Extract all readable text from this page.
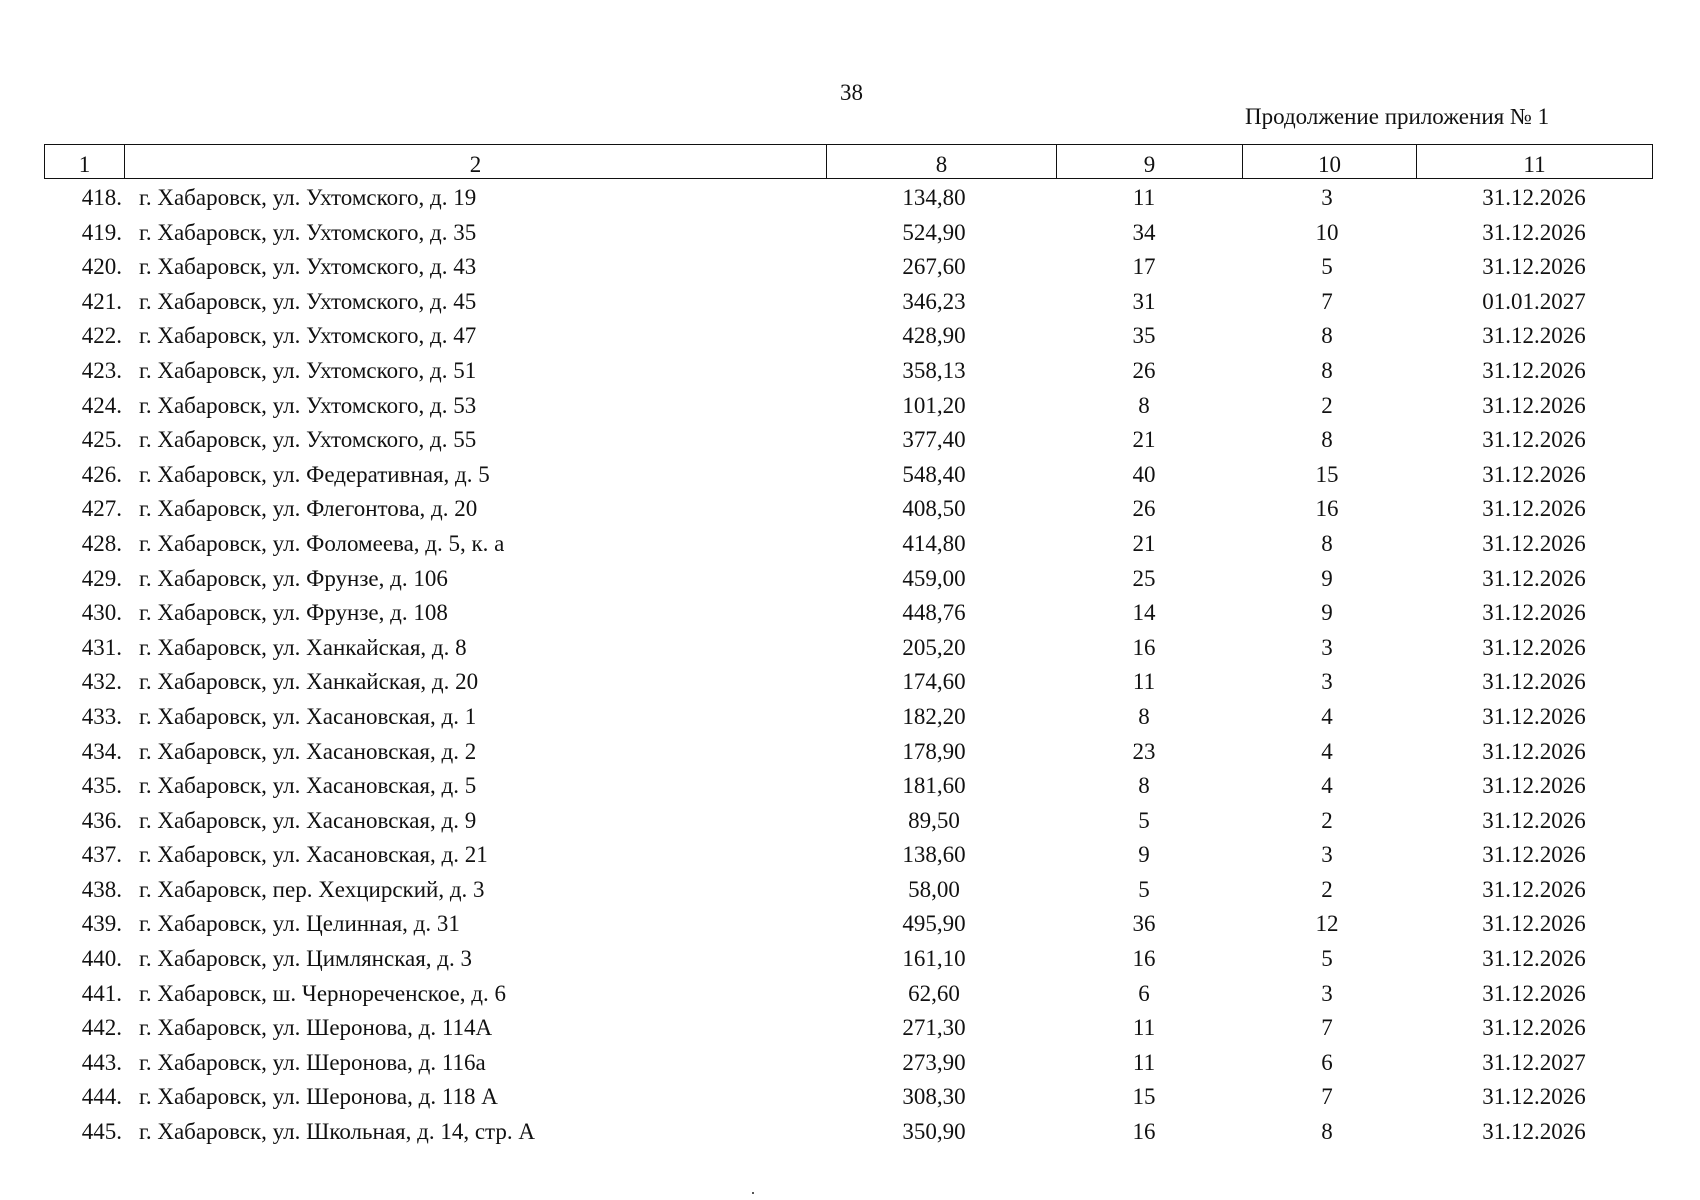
38
Продолжение приложения № 1
1	2	8	9	10	11
418. г. Хабаровск, ул. Ухтомского, д. 19	134,80	11	3	31.12.2026
419. г. Хабаровск, ул. Ухтомского, д. 35	524,90	34	10	31.12.2026
420. г. Хабаровск, ул. Ухтомского, д. 43	267,60	17	5	31.12.2026
421. г. Хабаровск, ул. Ухтомского, д. 45	346,23	31	7	01.01.2027
422. г. Хабаровск, ул. Ухтомского, д. 47	428,90	35	8	31.12.2026
423. г. Хабаровск, ул. Ухтомского, д. 51	358,13	26	8	31.12.2026
424. г. Хабаровск, ул. Ухтомского, д. 53	101,20	8	2	31.12.2026
425. г. Хабаровск, ул. Ухтомского, д. 55	377,40	21	8	31.12.2026
426. г. Хабаровск, ул. Федеративная, д. 5	548,40	40	15	31.12.2026
427. г. Хабаровск, ул. Флегонтова, д. 20	408,50	26	16	31.12.2026
428. г. Хабаровск, ул. Фоломеева, д. 5, к. а	414,80	21	8	31.12.2026
429. г. Хабаровск, ул. Фрунзе, д. 106	459,00	25	9	31.12.2026
430. г. Хабаровск, ул. Фрунзе, д. 108	448,76	14	9	31.12.2026
431. г. Хабаровск, ул. Ханкайская, д. 8	205,20	16	3	31.12.2026
432. г. Хабаровск, ул. Ханкайская, д. 20	174,60	11	3	31.12.2026
433. г. Хабаровск, ул. Хасановская, д. 1	182,20	8	4	31.12.2026
434. г. Хабаровск, ул. Хасановская, д. 2	178,90	23	4	31.12.2026
435. г. Хабаровск, ул. Хасановская, д. 5	181,60	8	4	31.12.2026
436. г. Хабаровск, ул. Хасановская, д. 9	89,50	5	2	31.12.2026
437. г. Хабаровск, ул. Хасановская, д. 21	138,60	9	3	31.12.2026
438. г. Хабаровск, пер. Хехцирский, д. 3	58,00	5	2	31.12.2026
439. г. Хабаровск, ул. Целинная, д. 31	495,90	36	12	31.12.2026
440. г. Хабаровск, ул. Цимлянская, д. 3	161,10	16	5	31.12.2026
441. г. Хабаровск, ш. Чернореченское, д. 6	62,60	6	3	31.12.2026
442. г. Хабаровск, ул. Шеронова, д. 114А	271,30	11	7	31.12.2026
443. г. Хабаровск, ул. Шеронова, д. 116а	273,90	11	6	31.12.2027
444. г. Хабаровск, ул. Шеронова, д. 118 А	308,30	15	7	31.12.2026
445. г. Хабаровск, ул. Школьная, д. 14, стр. А	350,90	16	8	31.12.2026
